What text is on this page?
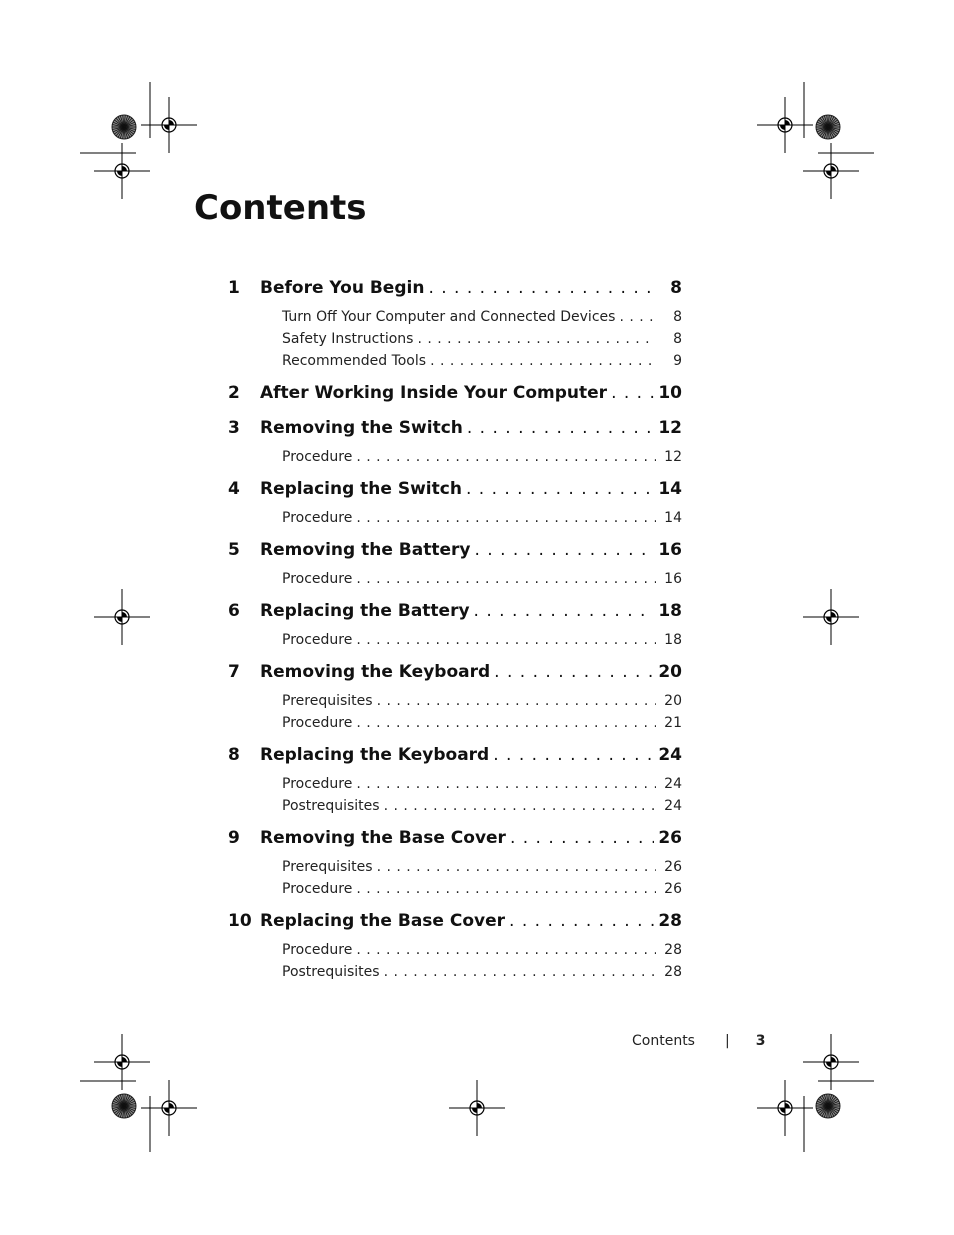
Contents
1 Before You Begin . . .	8
Turn Off Your Computer and Connected Devices . . .	8
Safety Instructions . . .	8
Recommended Tools . . .	9
2 After Working Inside Your Computer . . .	10
3 Removing the Switch . . .	12
Procedure . . .	12
4 Replacing the Switch . . .	14
Procedure . . .	14
5 Removing the Battery . . .	16
Procedure . . .	16
6 Replacing the Battery . . .	18
Procedure . . .	18
7 Removing the Keyboard . . .	20
Prerequisites . . .	20
Procedure . . .	21
8 Replacing the Keyboard . . .	24
Procedure . . .	24
Postrequisites . . .	24
9 Removing the Base Cover . . .	26
Prerequisites . . .	26
Procedure . . .	26
10 Replacing the Base Cover . . .	28
Procedure . . .	28
Postrequisites . . .	28
Contents | 3
